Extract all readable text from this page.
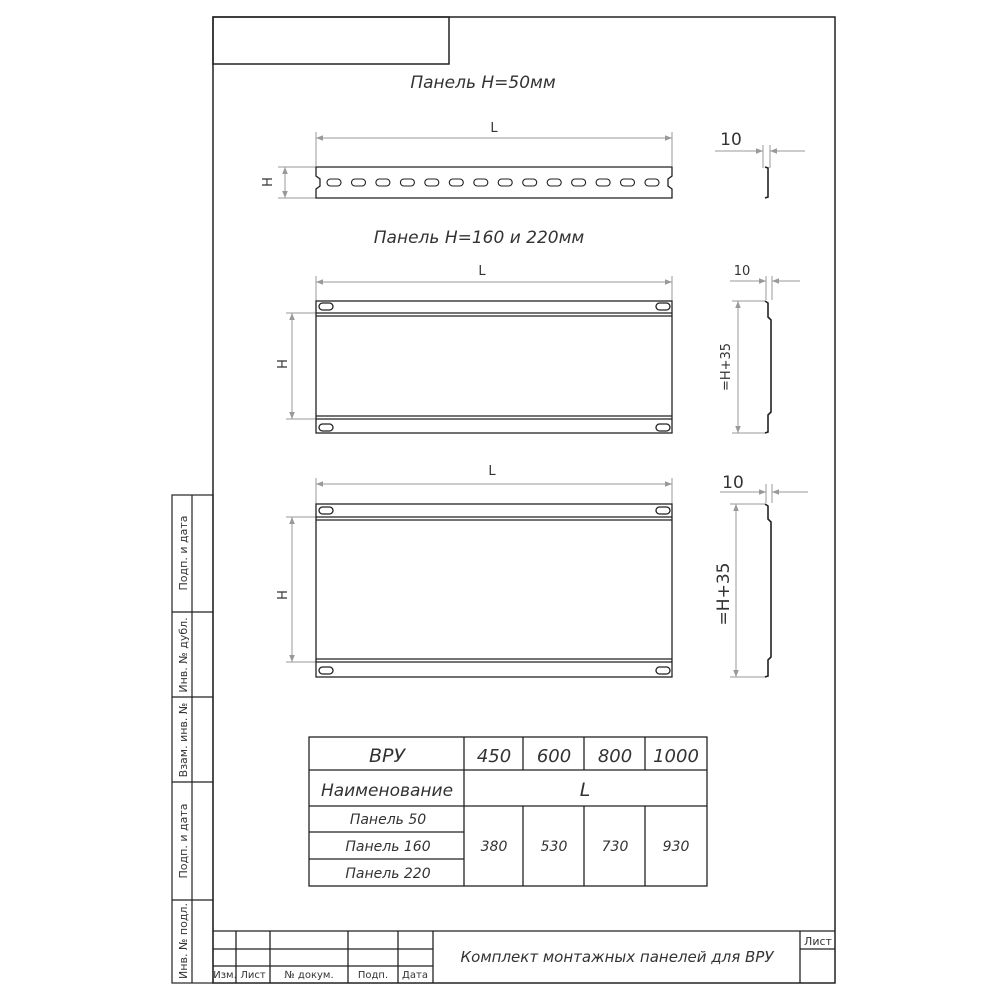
Подп. и дата
Инв. № дубл.
Взам. инв. №
Подп. и дата
Инв. № подл.
Панель H=50мм
L
H
10
Панель H=160 и 220мм
L
H
10
=H+35
L
H
10
=H+35
ВРУ	450 600 800 1000
Наименование	L
Панель 50
Панель 160
Панель 220
380 530 730 930
Изм. Лист № докум. Подп. Дата
Комплект монтажных панелей для ВРУ
Лист
